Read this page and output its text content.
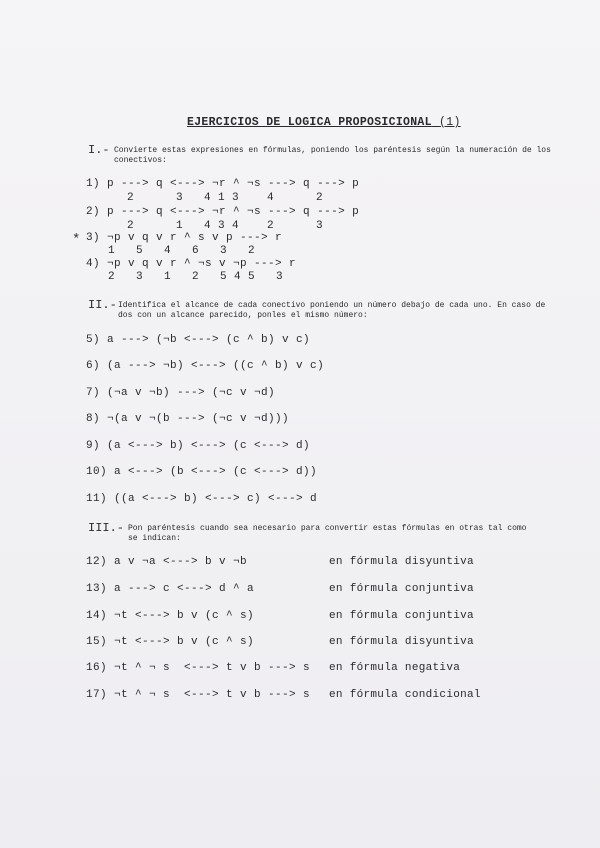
EJERCICIOS DE LOGICA PROPOSICIONAL (1)
I.- Convierte estas expresiones en fórmulas, poniendo los paréntesis según la numeración de los conectivos:
1) p ---> q <---> ¬r ^ ¬s ---> q ---> p
2      3   4 1 3    4      2
2) p ---> q <---> ¬r ^ ¬s ---> q ---> p
2      1   4 3 4    2      3
* 3) ¬p v q v r ^ s v p ---> r
1   5   4   6   3   2
4) ¬p v q v r ^ ¬s v ¬p ---> r
2   3   1   2   5 4 5   3
II.- Identifica el alcance de cada conectivo poniendo un número debajo de cada uno. En caso de dos con un alcance parecido, ponles el mismo número:
5) a ---> (¬b <---> (c ^ b) v c)
6) (a ---> ¬b) <---> ((c ^ b) v c)
7) (¬a v ¬b) ---> (¬c v ¬d)
8) ¬(a v ¬(b ---> (¬c v ¬d)))
9) (a <---> b) <---> (c <---> d)
10) a <---> (b <---> (c <---> d))
11) ((a <---> b) <---> c) <---> d
III.- Pon paréntesis cuando sea necesario para convertir estas fórmulas en otras tal como se indican:
12) a v ¬a <---> b v ¬b	en fórmula disyuntiva
13) a ---> c <---> d ^ a	en fórmula conjuntiva
14) ¬t <---> b v (c ^ s)	en fórmula conjuntiva
15) ¬t <---> b v (c ^ s)	en fórmula disyuntiva
16) ¬t ^ ¬ s  <---> t v b ---> s en fórmula negativa
17) ¬t ^ ¬ s  <---> t v b ---> s en fórmula condicional
